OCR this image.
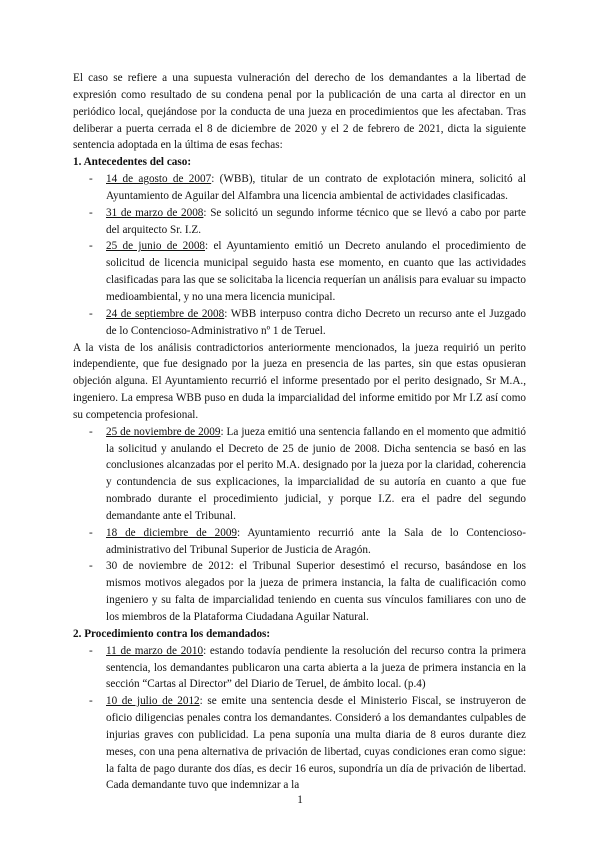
El caso se refiere a una supuesta vulneración del derecho de los demandantes a la libertad de expresión como resultado de su condena penal por la publicación de una carta al director en un periódico local, quejándose por la conducta de una jueza en procedimientos que les afectaban. Tras deliberar a puerta cerrada el 8 de diciembre de 2020 y el 2 de febrero de 2021, dicta la siguiente sentencia adoptada en la última de esas fechas:

1. Antecedentes del caso:
- 14 de agosto de 2007: (WBB), titular de un contrato de explotación minera, solicitó al Ayuntamiento de Aguilar del Alfambra una licencia ambiental de actividades clasificadas.
- 31 de marzo de 2008: Se solicitó un segundo informe técnico que se llevó a cabo por parte del arquitecto Sr. I.Z.
- 25 de junio de 2008: el Ayuntamiento emitió un Decreto anulando el procedimiento de solicitud de licencia municipal seguido hasta ese momento, en cuanto que las actividades clasificadas para las que se solicitaba la licencia requerían un análisis para evaluar su impacto medioambiental, y no una mera licencia municipal.
- 24 de septiembre de 2008: WBB interpuso contra dicho Decreto un recurso ante el Juzgado de lo Contencioso-Administrativo nº 1 de Teruel.

A la vista de los análisis contradictorios anteriormente mencionados, la jueza requirió un perito independiente, que fue designado por la jueza en presencia de las partes, sin que estas opusieran objeción alguna. El Ayuntamiento recurrió el informe presentado por el perito designado, Sr M.A., ingeniero. La empresa WBB puso en duda la imparcialidad del informe emitido por Mr I.Z así como su competencia profesional.

- 25 de noviembre de 2009: La jueza emitió una sentencia fallando en el momento que admitió la solicitud y anulando el Decreto de 25 de junio de 2008. Dicha sentencia se basó en las conclusiones alcanzadas por el perito M.A. designado por la jueza por la claridad, coherencia y contundencia de sus explicaciones, la imparcialidad de su autoría en cuanto a que fue nombrado durante el procedimiento judicial, y porque I.Z. era el padre del segundo demandante ante el Tribunal.
- 18 de diciembre de 2009: Ayuntamiento recurrió ante la Sala de lo Contencioso-administrativo del Tribunal Superior de Justicia de Aragón.
- 30 de noviembre de 2012: el Tribunal Superior desestimó el recurso, basándose en los mismos motivos alegados por la jueza de primera instancia, la falta de cualificación como ingeniero y su falta de imparcialidad teniendo en cuenta sus vínculos familiares con uno de los miembros de la Plataforma Ciudadana Aguilar Natural.
2. Procedimiento contra los demandados:
- 11 de marzo de 2010: estando todavía pendiente la resolución del recurso contra la primera sentencia, los demandantes publicaron una carta abierta a la jueza de primera instancia en la sección “Cartas al Director” del Diario de Teruel, de ámbito local. (p.4)
- 10 de julio de 2012: se emite una sentencia desde el Ministerio Fiscal, se instruyeron de oficio diligencias penales contra los demandantes. Consideró a los demandantes culpables de injurias graves con publicidad. La pena suponía una multa diaria de 8 euros durante diez meses, con una pena alternativa de privación de libertad, cuyas condiciones eran como sigue: la falta de pago durante dos días, es decir 16 euros, supondría un día de privación de libertad. Cada demandante tuvo que indemnizar a la
1
